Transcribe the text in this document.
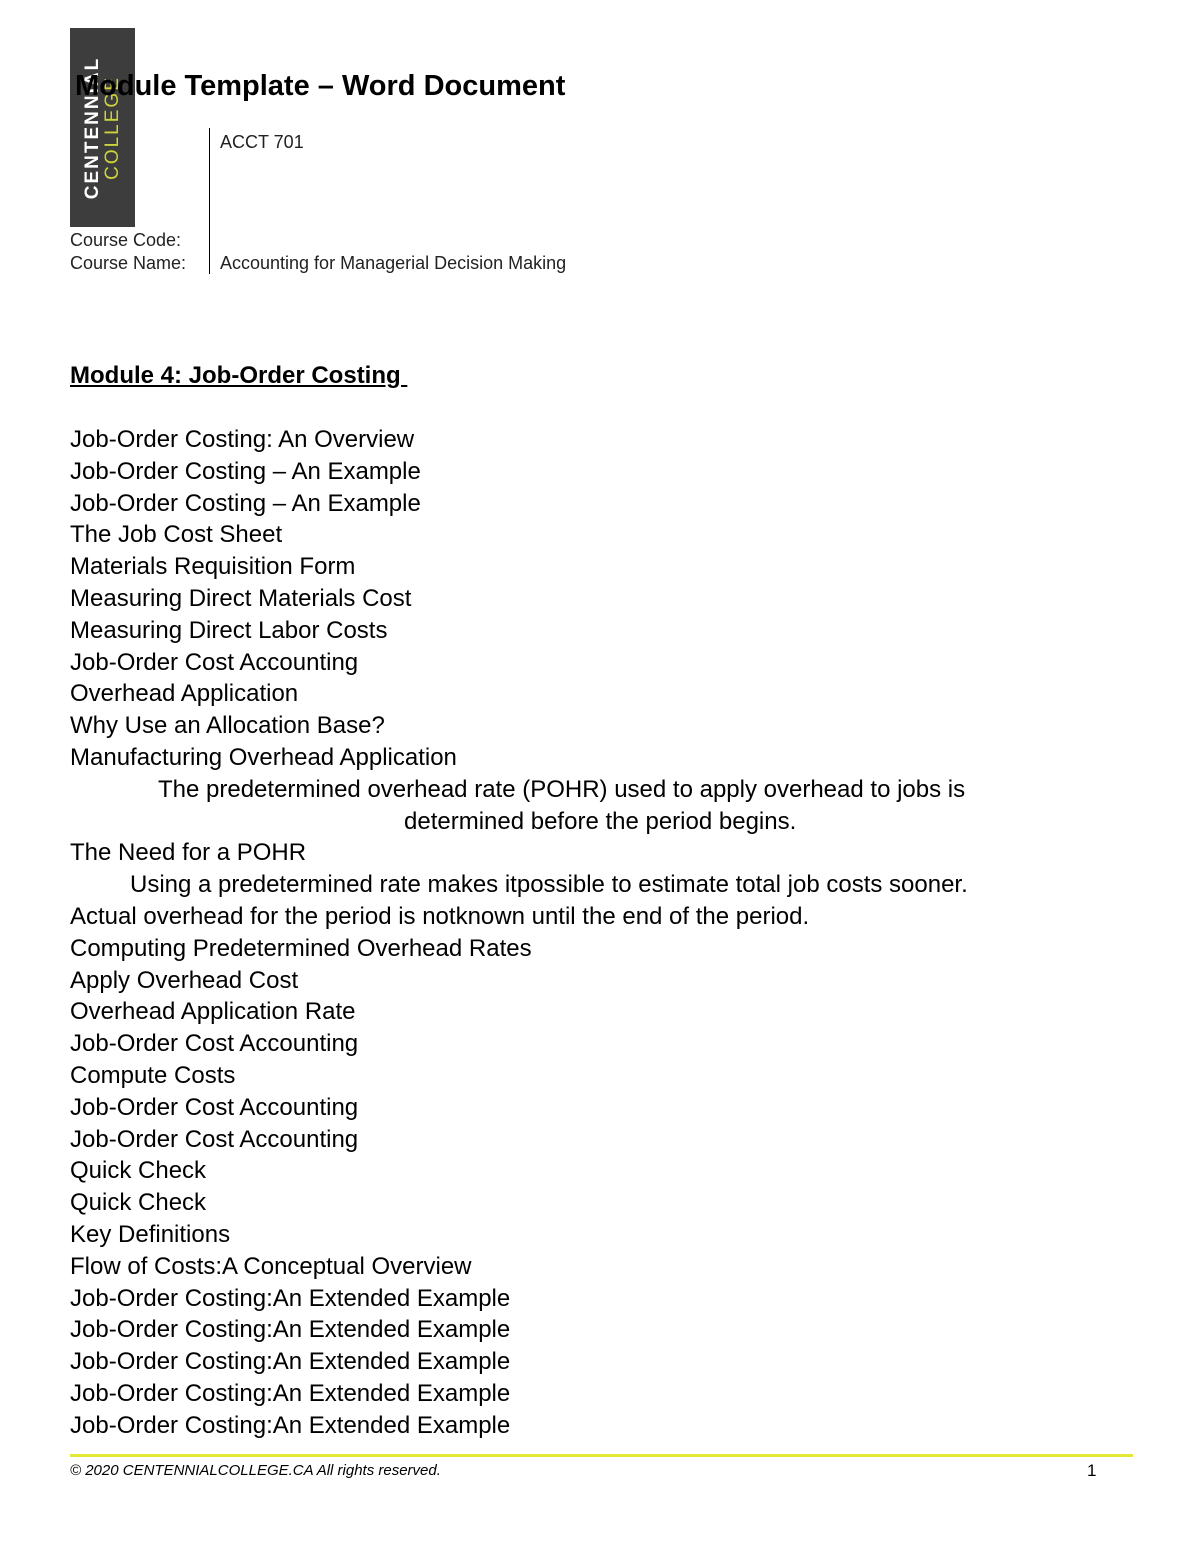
CENTENNIAL COLLEGE
Module Template – Word Document
ACCT 701
Course Code:
Course Name: Accounting for Managerial Decision Making
Module 4: Job-Order Costing
Job-Order Costing: An Overview
Job-Order Costing – An Example
Job-Order Costing – An Example
The Job Cost Sheet
Materials Requisition Form
Measuring Direct Materials Cost
Measuring Direct Labor Costs
Job-Order Cost Accounting
Overhead Application
Why Use an Allocation Base?
Manufacturing Overhead Application
The predetermined overhead rate (POHR) used to apply overhead to jobs is
determined before the period begins.
The Need for a POHR
Using a predetermined rate makes itpossible to estimate total job costs sooner.
Actual overhead for the period is notknown until the end of the period.
Computing Predetermined Overhead Rates
Apply Overhead Cost
Overhead Application Rate
Job-Order Cost Accounting
Compute Costs
Job-Order Cost Accounting
Job-Order Cost Accounting
Quick Check
Quick Check
Key Definitions
Flow of Costs:A Conceptual Overview
Job-Order Costing:An Extended Example
Job-Order Costing:An Extended Example
Job-Order Costing:An Extended Example
Job-Order Costing:An Extended Example
Job-Order Costing:An Extended Example
© 2020 CENTENNIALCOLLEGE.CA All rights reserved.	1
